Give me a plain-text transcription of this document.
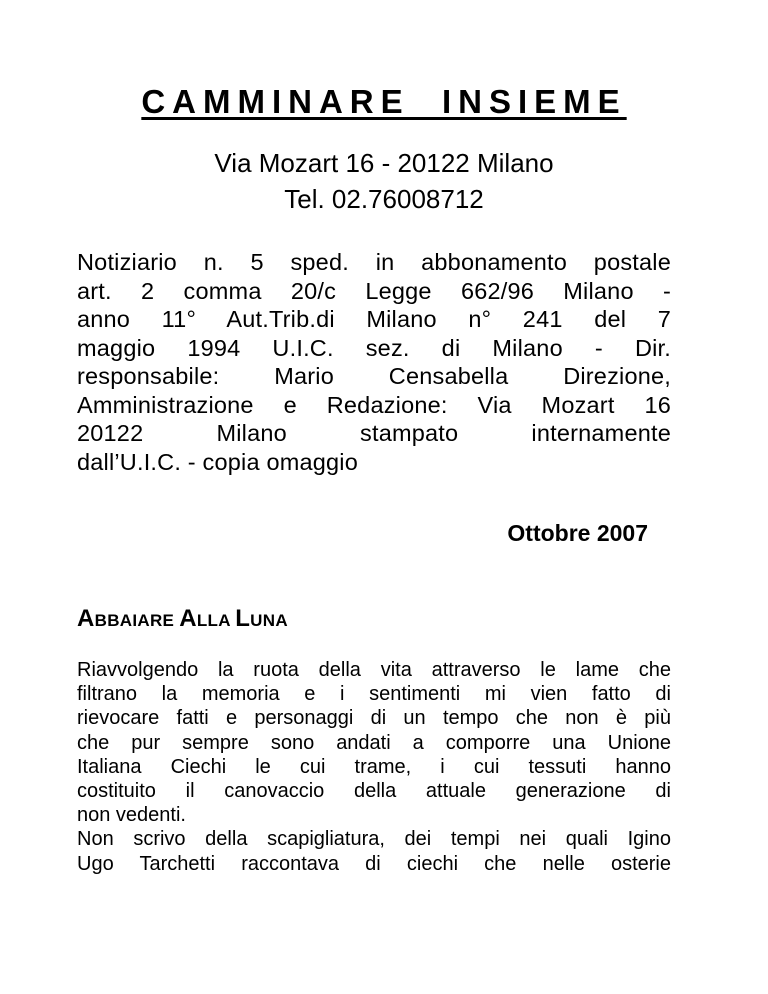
CAMMINARE  INSIEME
Via Mozart 16 - 20122 Milano
Tel. 02.76008712
Notiziario n. 5 sped. in abbonamento postale
art. 2 comma 20/c Legge 662/96 Milano -
anno 11° Aut.Trib.di Milano n° 241 del 7
maggio 1994 U.I.C. sez. di Milano - Dir.
responsabile: Mario Censabella Direzione,
Amministrazione e Redazione: Via Mozart 16
20122 Milano stampato internamente
dall’U.I.C. - copia omaggio
Ottobre 2007
ABBAIARE ALLA LUNA
Riavvolgendo la ruota della vita attraverso le lame che
filtrano la memoria e i sentimenti mi vien fatto di
rievocare fatti e personaggi di un tempo che non è più
che pur sempre sono andati a comporre una Unione
Italiana Ciechi le cui trame, i cui tessuti hanno
costituito il canovaccio della attuale generazione di
non vedenti.
Non scrivo della scapigliatura, dei tempi nei quali Igino
Ugo Tarchetti raccontava di ciechi che nelle osterie
